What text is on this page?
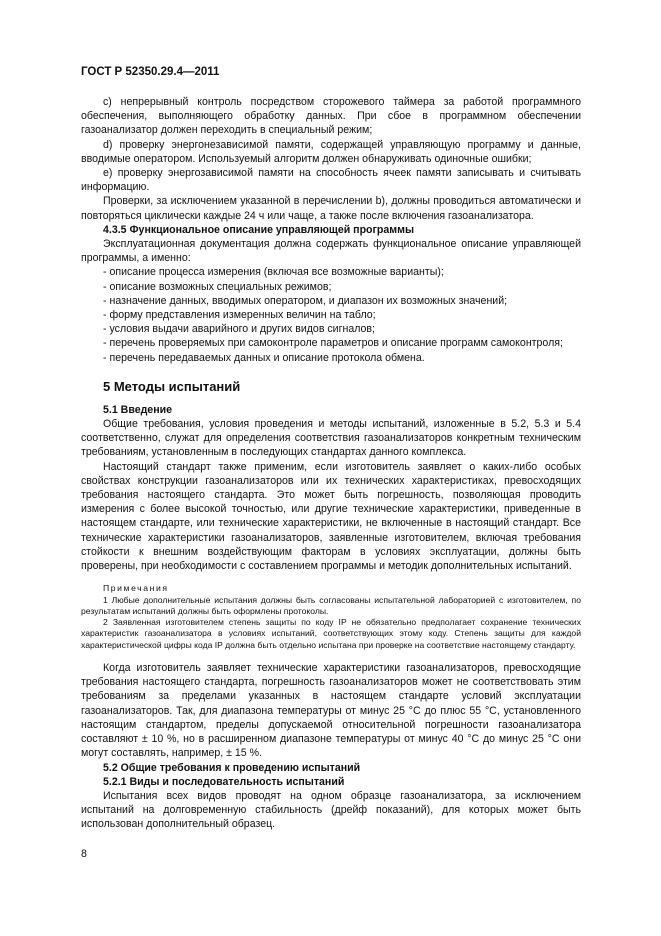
ГОСТ Р 52350.29.4—2011

с) непрерывный контроль посредством сторожевого таймера за работой программного обеспечения, выполняющего обработку данных. При сбое в программном обеспечении газоанализатор должен переходить в специальный режим;

d) проверку энергонезависимой памяти, содержащей управляющую программу и данные, вводимые оператором. Используемый алгоритм должен обнаруживать одиночные ошибки;

е) проверку энергозависимой памяти на способность ячеек памяти записывать и считывать информацию.

Проверки, за исключением указанной в перечислении b), должны проводиться автоматически и повторяться циклически каждые 24 ч или чаще, а также после включения газоанализатора.

4.3.5 Функциональное описание управляющей программы

Эксплуатационная документация должна содержать функциональное описание управляющей программы, а именно:

- описание процесса измерения (включая все возможные варианты);
- описание возможных специальных режимов;
- назначение данных, вводимых оператором, и диапазон их возможных значений;
- форму представления измеренных величин на табло;
- условия выдачи аварийного и других видов сигналов;
- перечень проверяемых при самоконтроле параметров и описание программ самоконтроля;
- перечень передаваемых данных и описание протокола обмена.
5 Методы испытаний
5.1 Введение

Общие требования, условия проведения и методы испытаний, изложенные в 5.2, 5.3 и 5.4 соответственно, служат для определения соответствия газоанализаторов конкретным техническим требованиям, установленным в последующих стандартах данного комплекса.

Настоящий стандарт также применим, если изготовитель заявляет о каких-либо особых свойствах конструкции газоанализаторов или их технических характеристиках, превосходящих требования настоящего стандарта. Это может быть погрешность, позволяющая проводить измерения с более высокой точностью, или другие технические характеристики, приведенные в настоящем стандарте, или технические характеристики, не включенные в настоящий стандарт. Все технические характеристики газоанализаторов, заявленные изготовителем, включая требования стойкости к внешним воздействующим факторам в условиях эксплуатации, должны быть проверены, при необходимости с составлением программы и методик дополнительных испытаний.

Примечания

1 Любые дополнительные испытания должны быть согласованы испытательной лабораторией с изготовителем, по результатам испытаний должны быть оформлены протоколы.

2 Заявленная изготовителем степень защиты по коду IP не обязательно предполагает сохранение технических характеристик газоанализатора в условиях испытаний, соответствующих этому коду. Степень защиты для каждой характеристической цифры кода IP должна быть отдельно испытана при проверке на соответствие настоящему стандарту.

Когда изготовитель заявляет технические характеристики газоанализаторов, превосходящие требования настоящего стандарта, погрешность газоанализаторов может не соответствовать этим требованиям за пределами указанных в настоящем стандарте условий эксплуатации газоанализаторов. Так, для диапазона температуры от минус 25 °С до плюс 55 °С, установленного настоящим стандартом, пределы допускаемой относительной погрешности газоанализатора составляют ± 10 %, но в расширенном диапазоне температуры от минус 40 °С до минус 25 °С они могут составлять, например, ± 15 %.

5.2 Общие требования к проведению испытаний
5.2.1 Виды и последовательность испытаний

Испытания всех видов проводят на одном образце газоанализатора, за исключением испытаний на долговременную стабильность (дрейф показаний), для которых может быть использован дополнительный образец.

8
